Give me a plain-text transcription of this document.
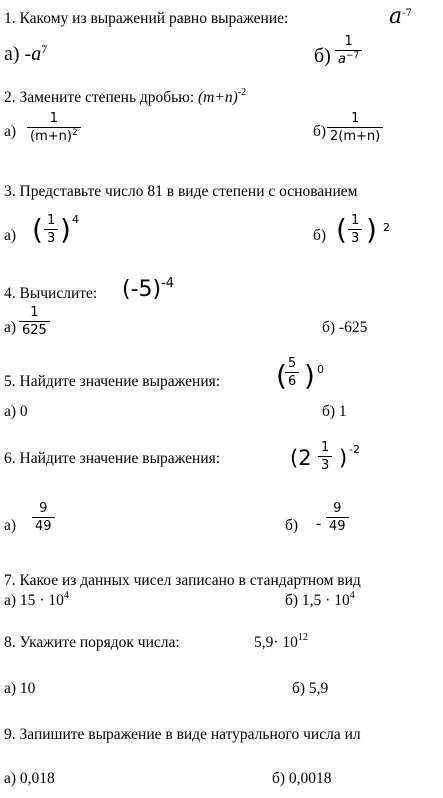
1. Какому из выражений равно выражение:	$a^{-7}$
а) $-a^7$	$б) \frac{1}{a^{-7}}$
2. Замените степень дробью: $(m+n)^{-2}$
$а) \frac{1}{(m+n)^2}$	$б) \frac{1}{2(m+n)}$
3. Представьте число 81 в виде степени с основанием
а) ( $\frac{1}{3}$ ) 4
б) ( $\frac{1}{3}$ ) 2
4. Вычислите: $(-5)^{-4}$
$а) \frac{1}{625}$	б) -625
5. Найдите значение выражения: (
$\frac{5}{6}$ ) 0
а) 0	б) 1
6. Найдите значение выражения:	($2 \frac{1}{3}$ ) -2
$а) \frac{9}{49}$	$б) - \frac{9}{49}$
7. Какое из данных чисел записано в стандартном вид
а) $15 \cdot 10^4$	б) $1,5 \cdot 10^4$
8. Укажите порядок числа:	$5,9\cdot 10^{12}$
а) 10	б) 5,9
9. Запишите выражение в виде натурального числа ил
а) 0,018	б) 0,0018
